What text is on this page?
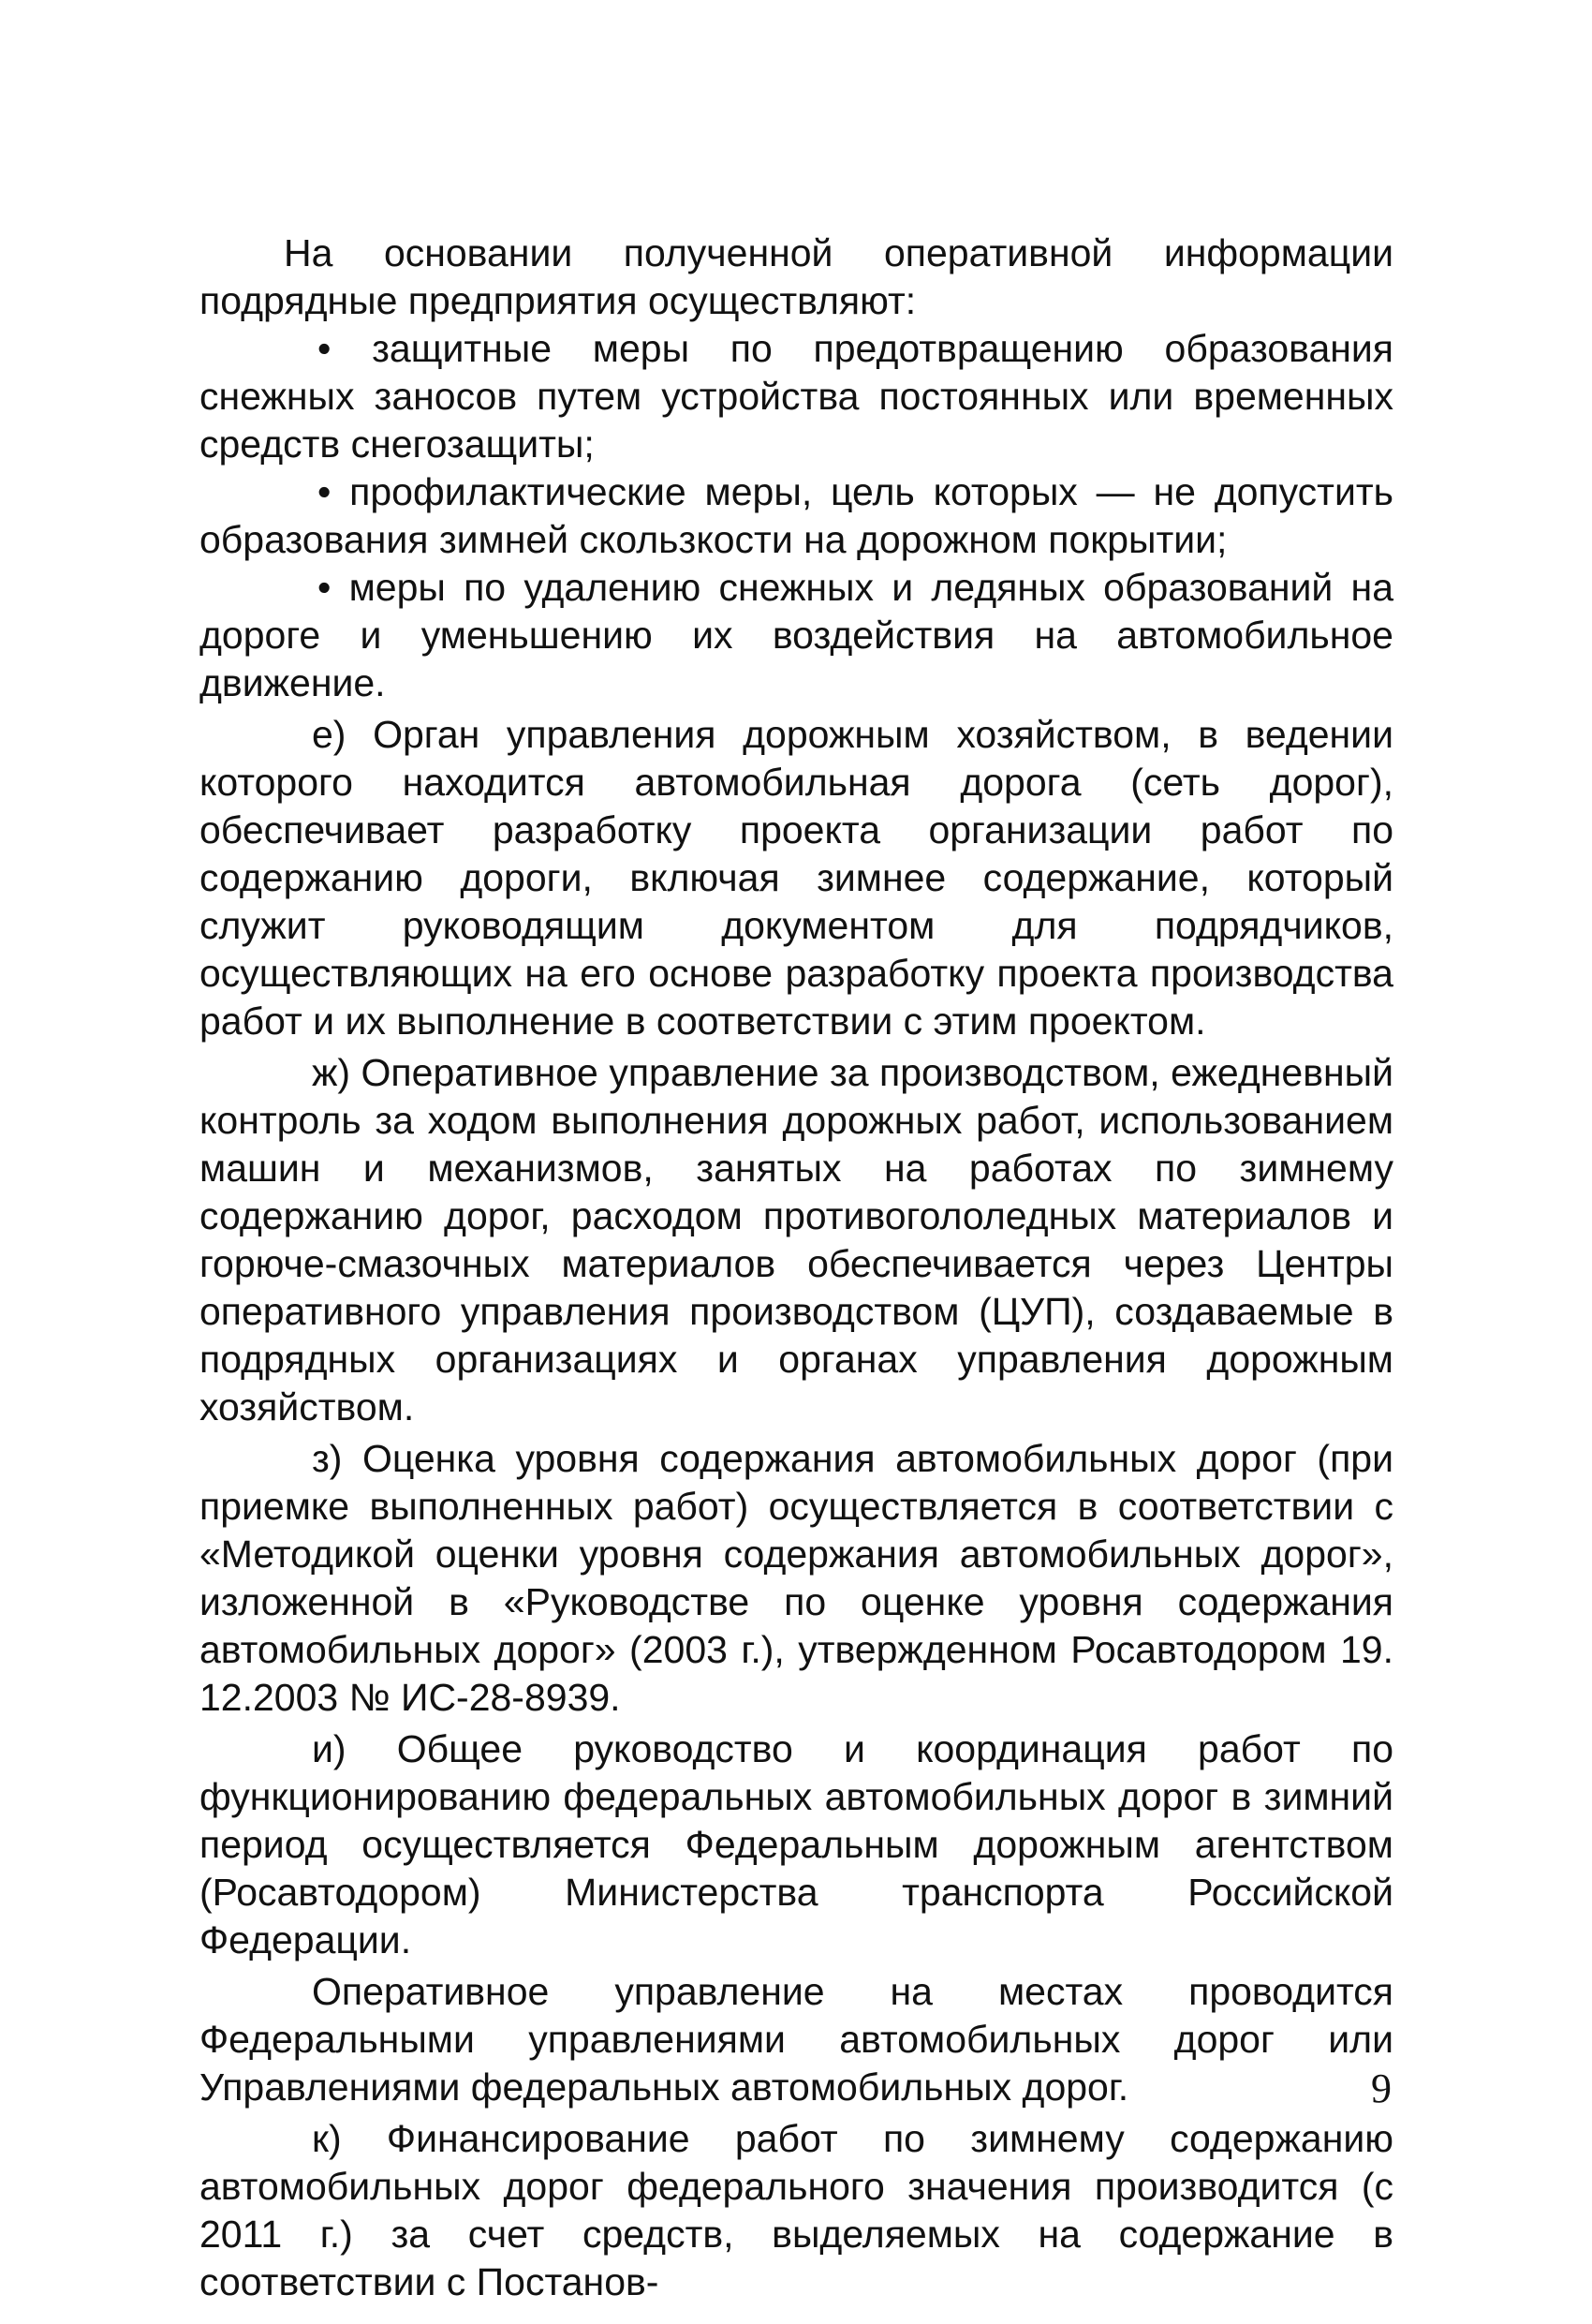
На основании полученной оперативной информации подрядные предприятия осуществляют:

• защитные меры по предотвращению образования снежных заносов путем устройства постоянных или временных средств снегозащиты;

• профилактические меры, цель которых — не допустить образования зимней скользкости на дорожном покрытии;

• меры по удалению снежных и ледяных образований на дороге и уменьшению их воздействия на автомобильное движение.

е) Орган управления дорожным хозяйством, в ведении которого находится автомобильная дорога (сеть дорог), обеспечивает разработку проекта организации работ по содержанию дороги, включая зимнее содержание, который служит руководящим документом для подрядчиков, осуществляющих на его основе разработку проекта производства работ и их выполнение в соответствии с этим проектом.

ж) Оперативное управление за производством, ежедневный контроль за ходом выполнения дорожных работ, использованием машин и механизмов, занятых на работах по зимнему содержанию дорог, расходом противогололедных материалов и горюче-смазочных материалов обеспечивается через Центры оперативного управления производством (ЦУП), создаваемые в подрядных организациях и органах управления дорожным хозяйством.

з) Оценка уровня содержания автомобильных дорог (при приемке выполненных работ) осуществляется в соответствии с «Методикой оценки уровня содержания автомобильных дорог», изложенной в «Руководстве по оценке уровня содержания автомобильных дорог» (2003 г.), утвержденном Росавтодором 19. 12.2003 № ИС-28-8939.

и) Общее руководство и координация работ по функционированию федеральных автомобильных дорог в зимний период осуществляется Федеральным дорожным агентством (Росавтодором) Министерства транспорта Российской Федерации.

Оперативное управление на местах проводится Федеральными управлениями автомобильных дорог или Управлениями федеральных автомобильных дорог.

к) Финансирование работ по зимнему содержанию автомобильных дорог федерального значения производится (с 2011 г.) за счет средств, выделяемых на содержание в соответствии с Постанов-

9
